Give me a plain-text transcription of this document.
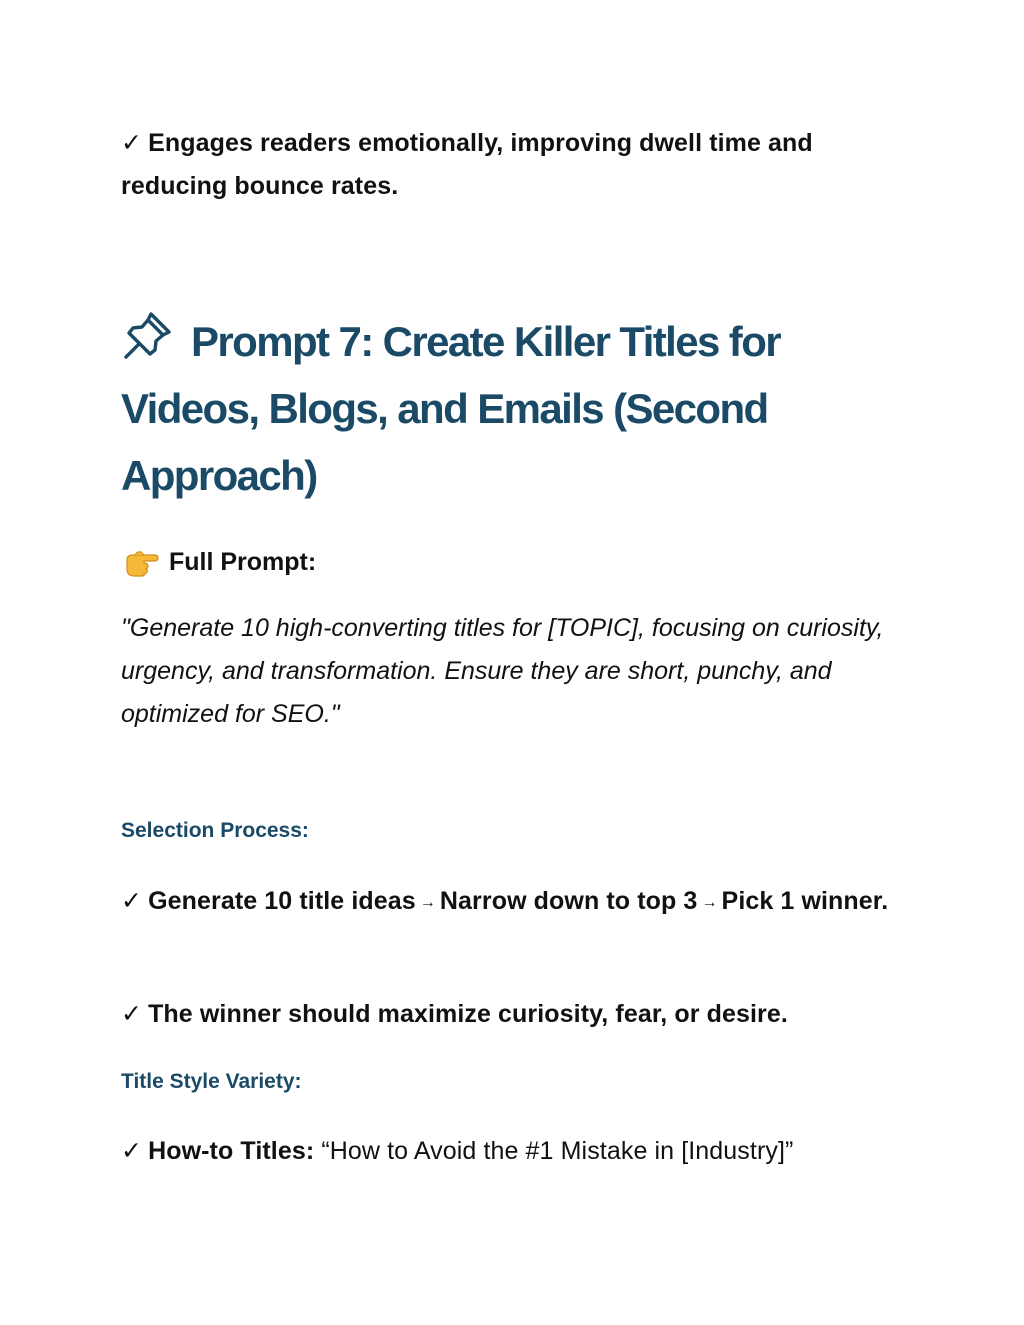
✓ Engages readers emotionally, improving dwell time and reducing bounce rates.
Prompt 7: Create Killer Titles for Videos, Blogs, and Emails (Second Approach)
Full Prompt:
"Generate 10 high-converting titles for [TOPIC], focusing on curiosity, urgency, and transformation. Ensure they are short, punchy, and optimized for SEO."
Selection Process:
✓ Generate 10 title ideas → Narrow down to top 3 → Pick 1 winner.
✓ The winner should maximize curiosity, fear, or desire.
Title Style Variety:
✓ How-to Titles: “How to Avoid the #1 Mistake in [Industry]”
